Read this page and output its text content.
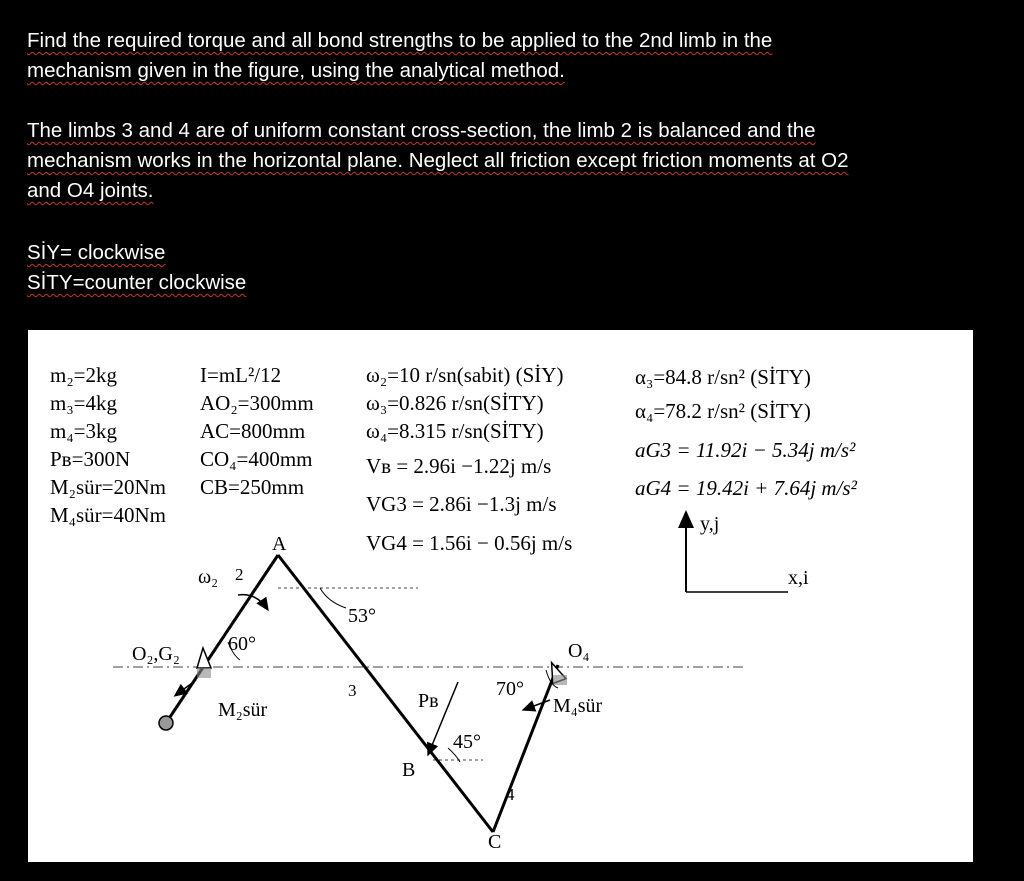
Find the required torque and all bond strengths to be applied to the 2nd limb in the
mechanism given in the figure, using the analytical method.
The limbs 3 and 4 are of uniform constant cross-section, the limb 2 is balanced and the
mechanism works in the horizontal plane. Neglect all friction except friction moments at O2
and O4 joints.
SİY= clockwise
SİTY=counter clockwise
m₂=2kg
m₃=4kg
m₄=3kg
Pʙ=300N
M₂sür=20Nm
M₄sür=40Nm
I=mL²/12
AO₂=300mm
AC=800mm
CO₄=400mm
CB=250mm
ω₂=10 r/sn(sabit) (SİY)
ω₃=0.826 r/sn(SİTY)
ω₄=8.315 r/sn(SİTY)
Vʙ = 2.96i −1.22j m/s
VG3 = 2.86i −1.3j m/s
VG4 = 1.56i − 0.56j m/s
α₃=84.8 r/sn² (SİTY)
α₄=78.2 r/sn² (SİTY)
aG3 = 11.92i − 5.34j m/s²
aG4 = 19.42i + 7.64j m/s²
y,j
x,i
A
B
C
O₂,G₂	O₄
ω₂ 2
3
4
60°
53°
45°
70°
Pʙ
M₂sür	M₄sür
